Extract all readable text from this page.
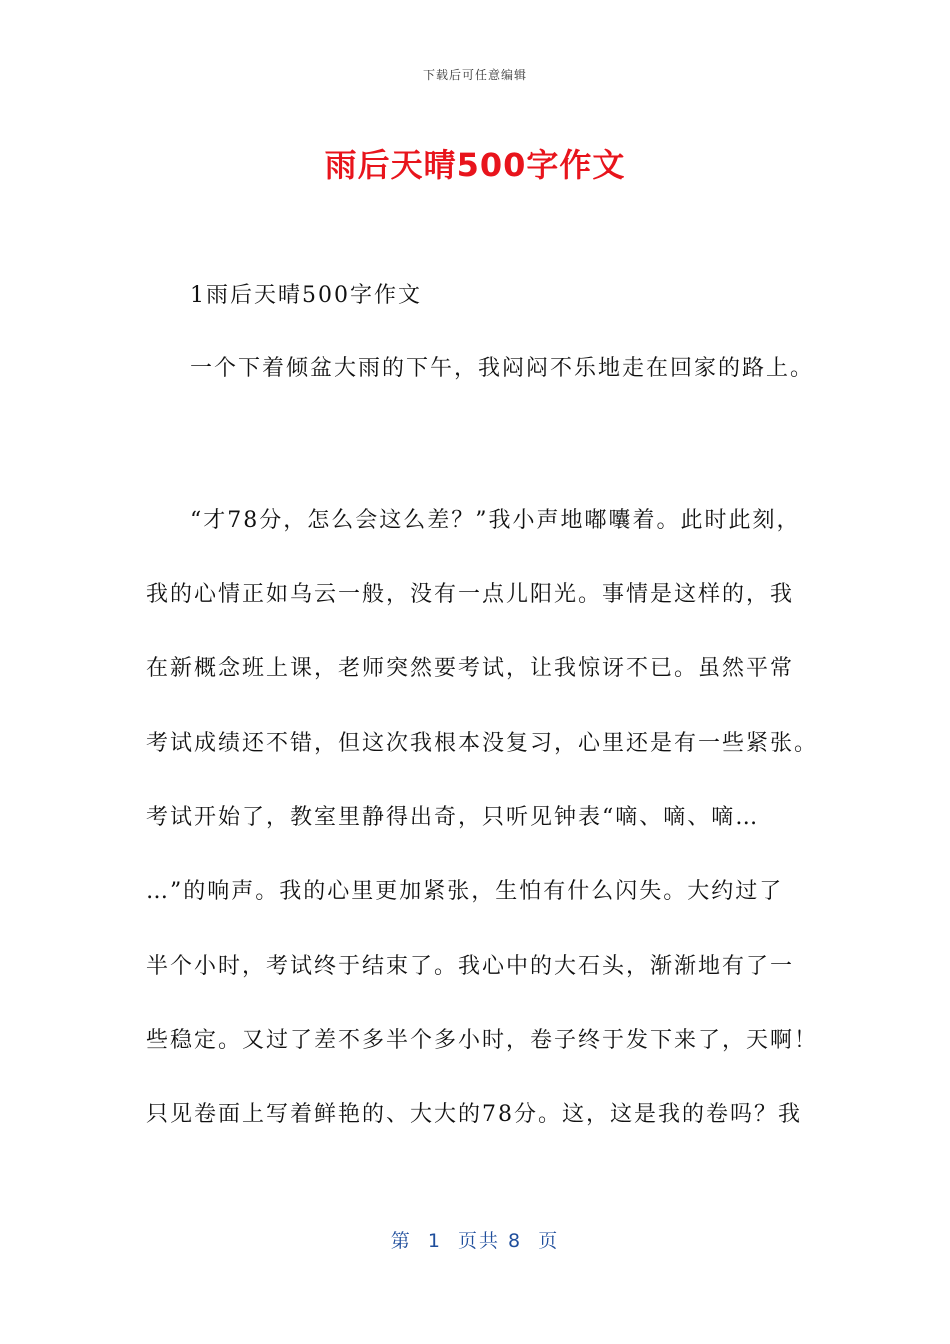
下载后可任意编辑
雨后天晴500字作文
1雨后天晴500字作文
一个下着倾盆大雨的下午，我闷闷不乐地走在回家的路上。
“才78分，怎么会这么差？”我小声地嘟囔着。此时此刻，
我的心情正如乌云一般，没有一点儿阳光。事情是这样的，我
在新概念班上课，老师突然要考试，让我惊讶不已。虽然平常
考试成绩还不错，但这次我根本没复习，心里还是有一些紧张。
考试开始了，教室里静得出奇，只听见钟表“嘀、嘀、嘀…
…”的响声。我的心里更加紧张，生怕有什么闪失。大约过了
半个小时，考试终于结束了。我心中的大石头，渐渐地有了一
些稳定。又过了差不多半个多小时，卷子终于发下来了，天啊！
只见卷面上写着鲜艳的、大大的78分。这，这是我的卷吗？我
第  1  页共 8  页
